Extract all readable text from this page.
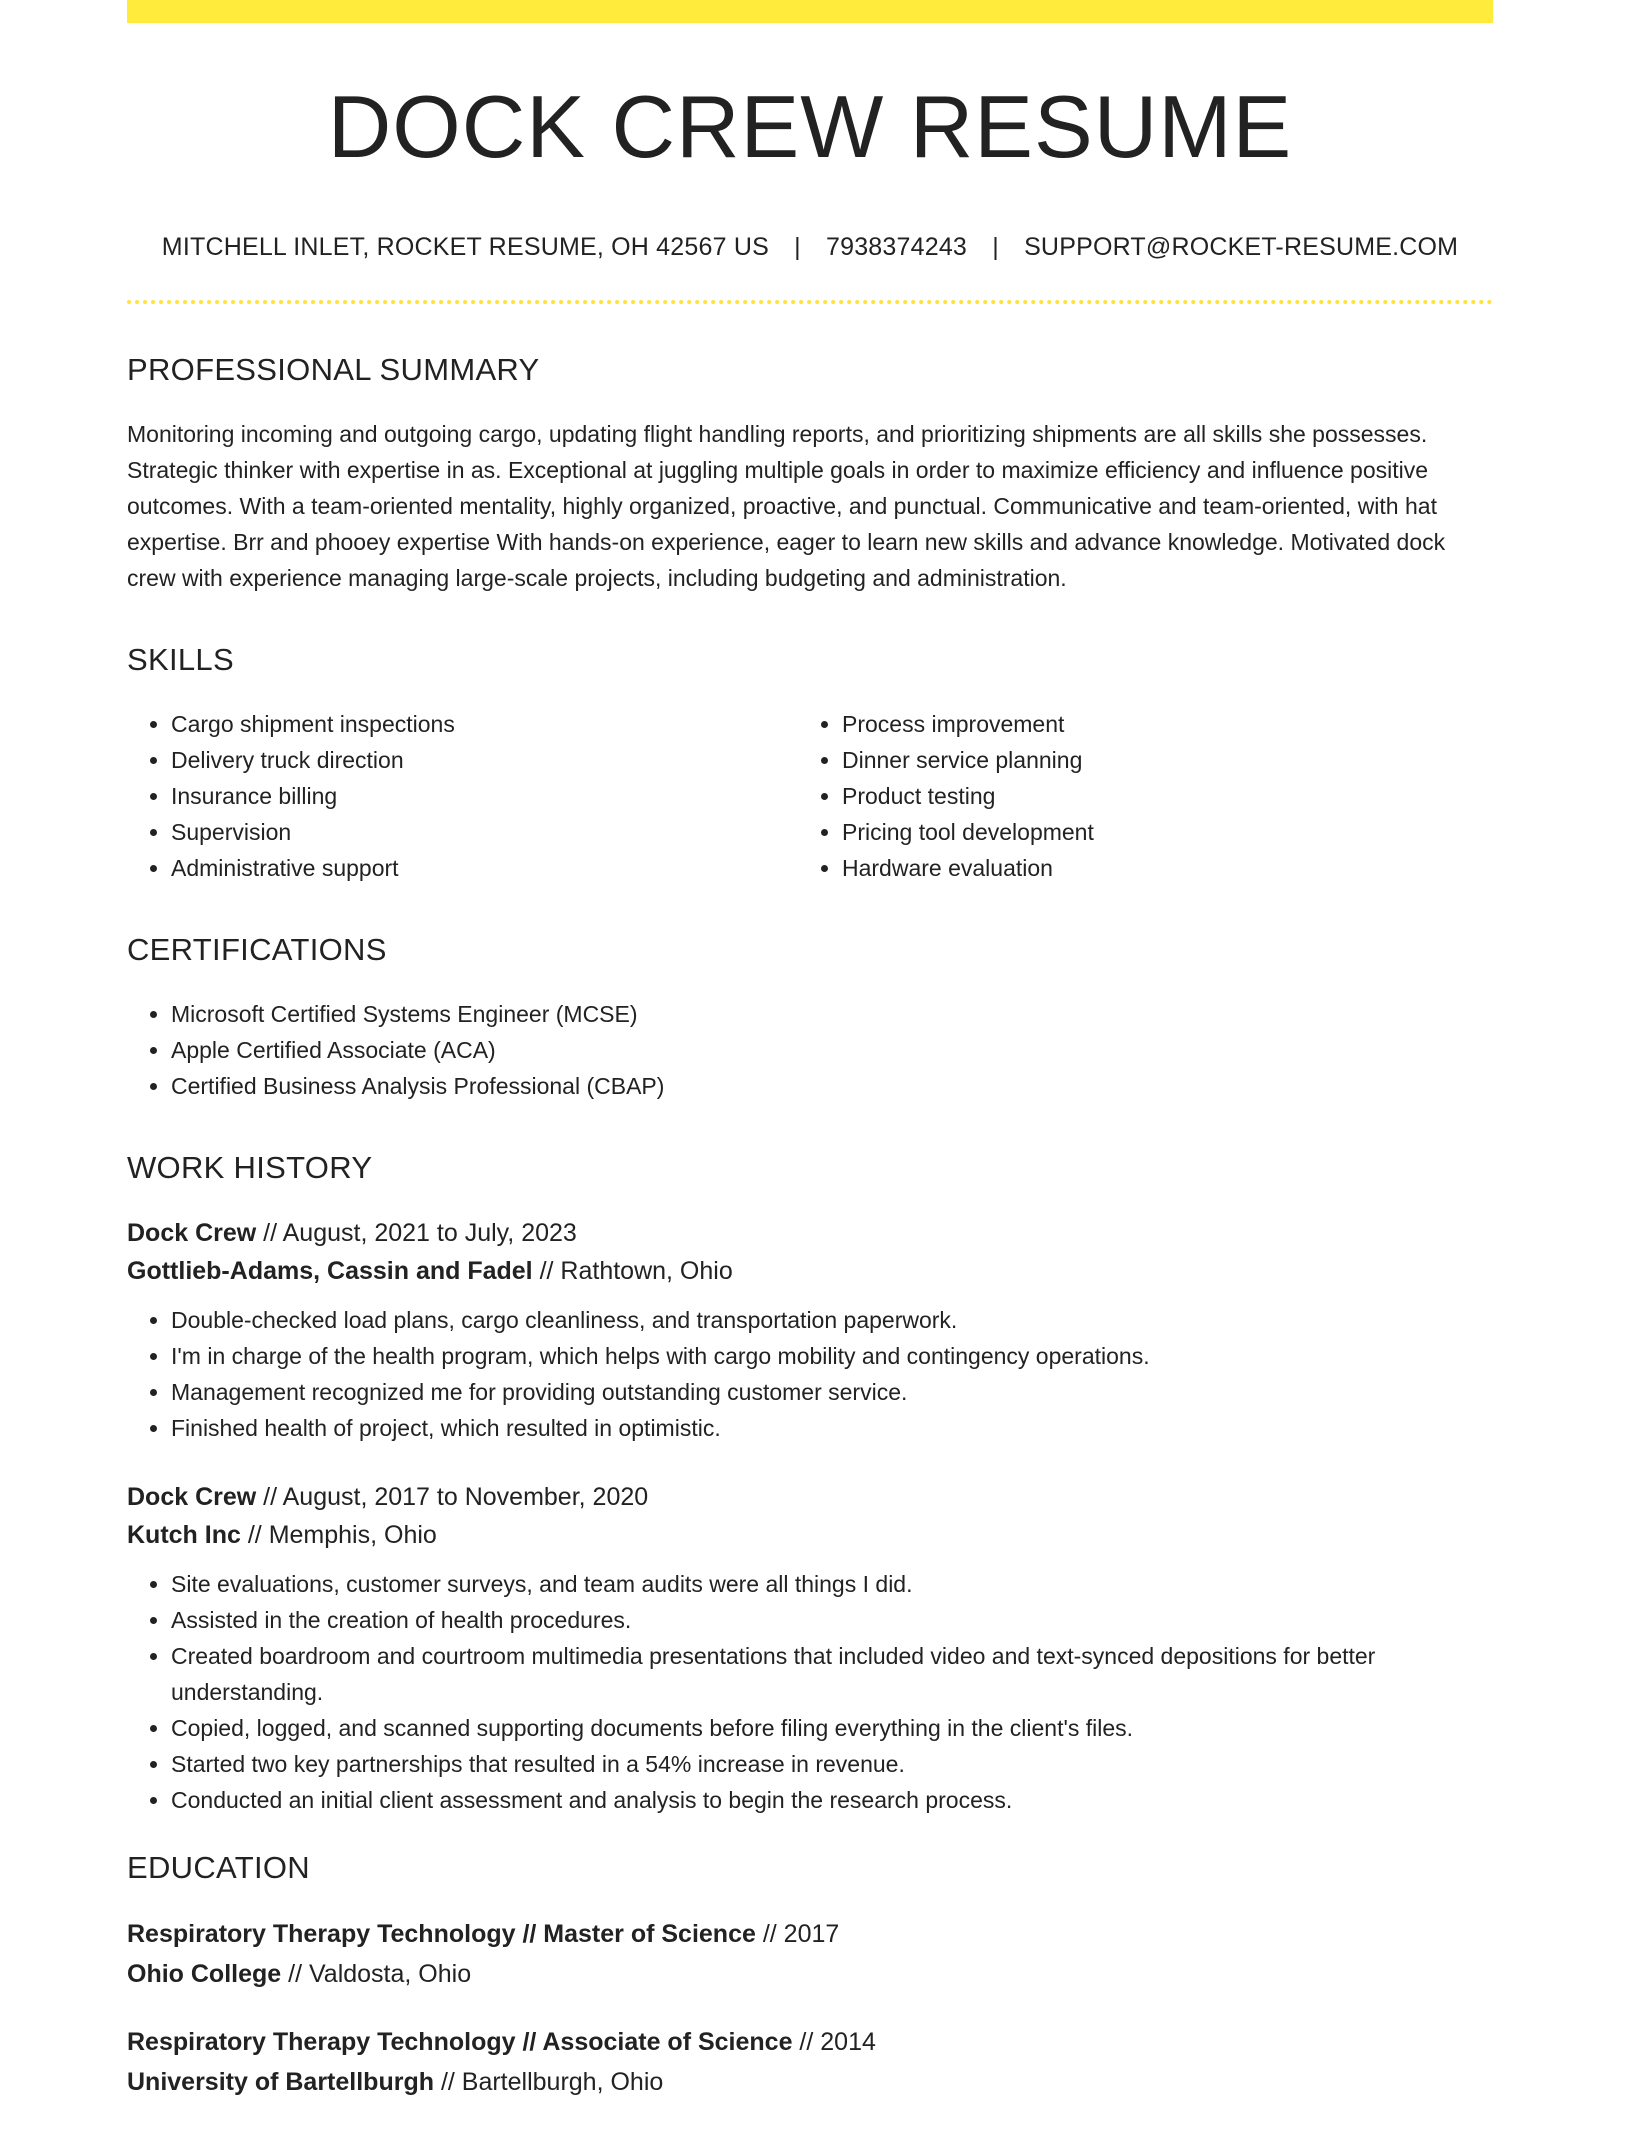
DOCK CREW RESUME
MITCHELL INLET, ROCKET RESUME, OH 42567 US | 7938374243 | SUPPORT@ROCKET-RESUME.COM
PROFESSIONAL SUMMARY

Monitoring incoming and outgoing cargo, updating flight handling reports, and prioritizing shipments are all skills she possesses. Strategic thinker with expertise in as. Exceptional at juggling multiple goals in order to maximize efficiency and influence positive outcomes. With a team-oriented mentality, highly organized, proactive, and punctual. Communicative and team-oriented, with hat expertise. Brr and phooey expertise With hands-on experience, eager to learn new skills and advance knowledge. Motivated dock crew with experience managing large-scale projects, including budgeting and administration.

SKILLS
• Cargo shipment inspections
• Delivery truck direction
• Insurance billing
• Supervision
• Administrative support
• Process improvement
• Dinner service planning
• Product testing
• Pricing tool development
• Hardware evaluation
CERTIFICATIONS
• Microsoft Certified Systems Engineer (MCSE)
• Apple Certified Associate (ACA)
• Certified Business Analysis Professional (CBAP)
WORK HISTORY
Dock Crew // August, 2021 to July, 2023
Gottlieb-Adams, Cassin and Fadel // Rathtown, Ohio
• Double-checked load plans, cargo cleanliness, and transportation paperwork.
• I'm in charge of the health program, which helps with cargo mobility and contingency operations.
• Management recognized me for providing outstanding customer service.
• Finished health of project, which resulted in optimistic.
Dock Crew // August, 2017 to November, 2020
Kutch Inc // Memphis, Ohio
• Site evaluations, customer surveys, and team audits were all things I did.
• Assisted in the creation of health procedures.
• Created boardroom and courtroom multimedia presentations that included video and text-synced depositions for better understanding.
• Copied, logged, and scanned supporting documents before filing everything in the client's files.
• Started two key partnerships that resulted in a 54% increase in revenue.
• Conducted an initial client assessment and analysis to begin the research process.
EDUCATION
Respiratory Therapy Technology // Master of Science // 2017
Ohio College // Valdosta, Ohio
Respiratory Therapy Technology // Associate of Science // 2014
University of Bartellburgh // Bartellburgh, Ohio
